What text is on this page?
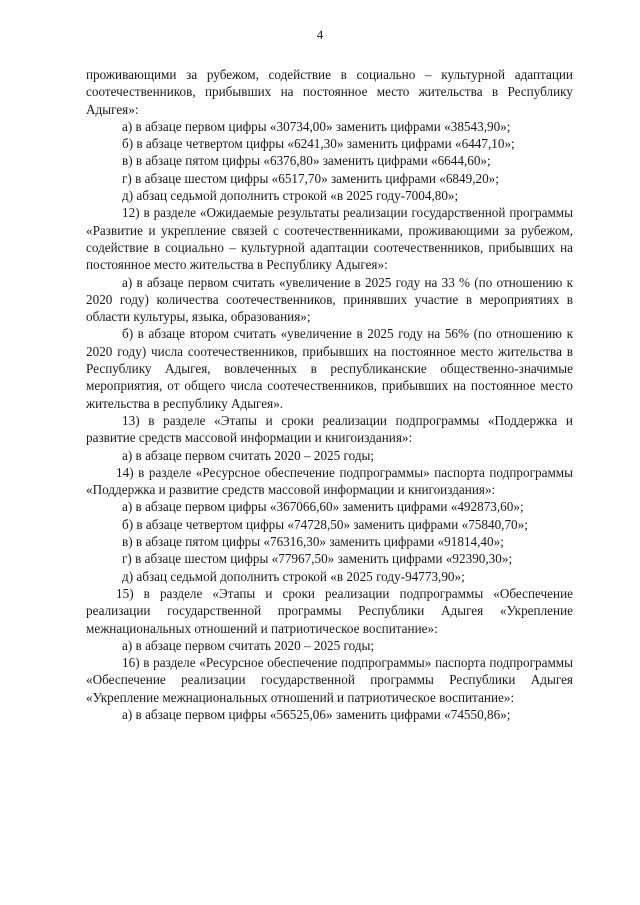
4

проживающими за рубежом, содействие в социально – культурной адаптации соотечественников, прибывших на постоянное место жительства в Республику Адыгея»:

а) в абзаце первом цифры «30734,00» заменить цифрами «38543,90»;

б) в абзаце четвертом цифры «6241,30» заменить цифрами «6447,10»;

в) в абзаце пятом цифры «6376,80» заменить цифрами «6644,60»;

г) в абзаце шестом цифры «6517,70» заменить цифрами «6849,20»;

д) абзац седьмой дополнить строкой «в 2025 году-7004,80»;

12) в разделе «Ожидаемые результаты реализации государственной программы «Развитие и укрепление связей с соотечественниками, проживающими за рубежом, содействие в социально – культурной адаптации соотечественников, прибывших на постоянное место жительства в Республику Адыгея»:

а) в абзаце первом считать «увеличение в 2025 году на 33 % (по отношению к 2020 году) количества соотечественников, принявших участие в мероприятиях в области культуры, языка, образования»;

б) в абзаце втором считать «увеличение в 2025 году на 56% (по отношению к 2020 году) числа соотечественников, прибывших на постоянное место жительства в Республику Адыгея, вовлеченных в республиканские общественно-значимые мероприятия, от общего числа соотечественников, прибывших на постоянное место жительства в республику Адыгея».

13) в разделе «Этапы и сроки реализации подпрограммы «Поддержка и развитие средств массовой информации и книгоиздания»:

а) в абзаце первом считать 2020 – 2025 годы;

14) в разделе «Ресурсное обеспечение подпрограммы» паспорта подпрограммы «Поддержка и развитие средств массовой информации и книгоиздания»:

а) в абзаце первом цифры «367066,60» заменить цифрами «492873,60»;

б) в абзаце четвертом цифры «74728,50» заменить цифрами «75840,70»;

в) в абзаце пятом цифры «76316,30» заменить цифрами «91814,40»;

г) в абзаце шестом цифры «77967,50» заменить цифрами «92390,30»;

д) абзац седьмой дополнить строкой «в 2025 году-94773,90»;

15) в разделе «Этапы и сроки реализации подпрограммы «Обеспечение реализации государственной программы Республики Адыгея «Укрепление межнациональных отношений и патриотическое воспитание»:

а) в абзаце первом считать 2020 – 2025 годы;

16) в разделе «Ресурсное обеспечение подпрограммы» паспорта подпрограммы «Обеспечение реализации государственной программы Республики Адыгея «Укрепление межнациональных отношений и патриотическое воспитание»:

а) в абзаце первом цифры «56525,06» заменить цифрами «74550,86»;
